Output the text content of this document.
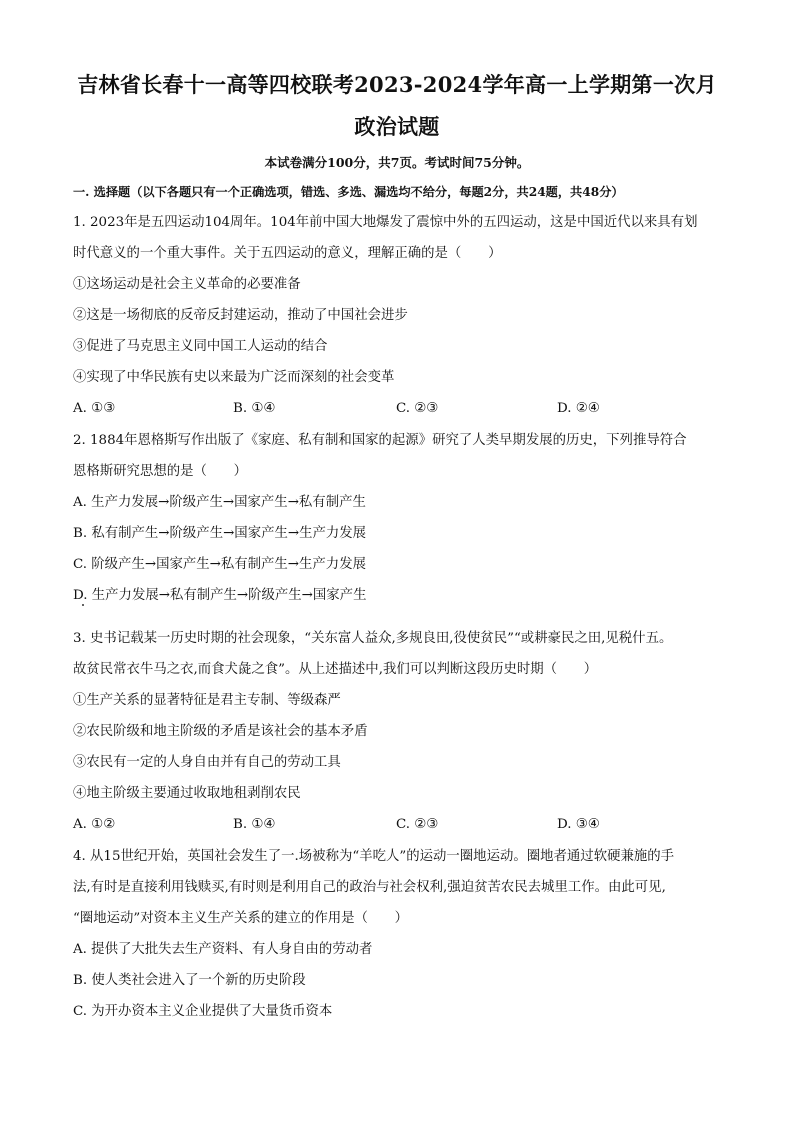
吉林省长春十一高等四校联考2023-2024学年高一上学期第一次月
政治试题
本试卷满分100分，共7页。考试时间75分钟。
一. 选择题（以下各题只有一个正确选项，错选、多选、漏选均不给分，每题2分，共24题，共48分）
1. 2023年是五四运动104周年。104年前中国大地爆发了震惊中外的五四运动，这是中国近代以来具有划
时代意义的一个重大事件。关于五四运动的意义，理解正确的是（　　）
①这场运动是社会主义革命的必要准备
②这是一场彻底的反帝反封建运动，推动了中国社会进步
③促进了马克思主义同中国工人运动的结合
④实现了中华民族有史以来最为广泛而深刻的社会变革
A. ①③	B. ①④	C. ②③	D. ②④
2. 1884年恩格斯写作出版了《家庭、私有制和国家的起源》研究了人类早期发展的历史，下列推导符合
恩格斯研究思想的是（　　）
A. 生产力发展→阶级产生→国家产生→私有制产生
B. 私有制产生→阶级产生→国家产生→生产力发展
C. 阶级产生→国家产生→私有制产生→生产力发展
D. 生产力发展→私有制产生→阶级产生→国家产生
3. 史书记载某一历史时期的社会现象，“关东富人益众,多规良田,役使贫民”“或耕豪民之田,见税什五。
故贫民常衣牛马之衣,而食犬彘之食”。从上述描述中,我们可以判断这段历史时期（　　）
①生产关系的显著特征是君主专制、等级森严
②农民阶级和地主阶级的矛盾是该社会的基本矛盾
③农民有一定的人身自由并有自己的劳动工具
④地主阶级主要通过收取地租剥削农民
A. ①②	B. ①④	C. ②③	D. ③④
4. 从15世纪开始，英国社会发生了一.场被称为“羊吃人”的运动一圈地运动。圈地者通过软硬兼施的手
法,有时是直接利用钱赎买,有时则是利用自己的政治与社会权利,强迫贫苦农民去城里工作。由此可见,
“圈地运动”对资本主义生产关系的建立的作用是（　　）
A. 提供了大批失去生产资料、有人身自由的劳动者
B. 使人类社会进入了一个新的历史阶段
C. 为开办资本主义企业提供了大量货币资本
